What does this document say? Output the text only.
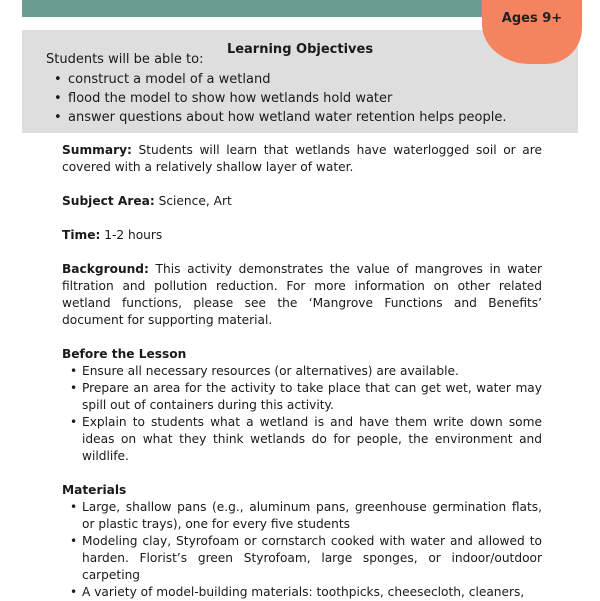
Learning Objectives
Students will be able to:
• construct a model of a wetland
• flood the model to show how wetlands hold water
• answer questions about how wetland water retention helps people.
Ages 9+

Summary: Students will learn that wetlands have waterlogged soil or are covered with a relatively shallow layer of water.

Subject Area: Science, Art

Time: 1-2 hours

Background: This activity demonstrates the value of mangroves in water filtration and pollution reduction. For more information on other related wetland functions, please see the ‘Mangrove Functions and Benefits’ document for supporting material.

Before the Lesson

• Ensure all necessary resources (or alternatives) are available.
• Prepare an area for the activity to take place that can get wet, water may spill out of containers during this activity.
• Explain to students what a wetland is and have them write down some ideas on what they think wetlands do for people, the environment and wildlife.

Materials

• Large, shallow pans (e.g., aluminum pans, greenhouse germination flats, or plastic trays), one for every five students
• Modeling clay, Styrofoam or cornstarch cooked with water and allowed to harden. Florist’s green Styrofoam, large sponges, or indoor/outdoor carpeting
• A variety of model-building materials: toothpicks, cheesecloth, cleaners,
